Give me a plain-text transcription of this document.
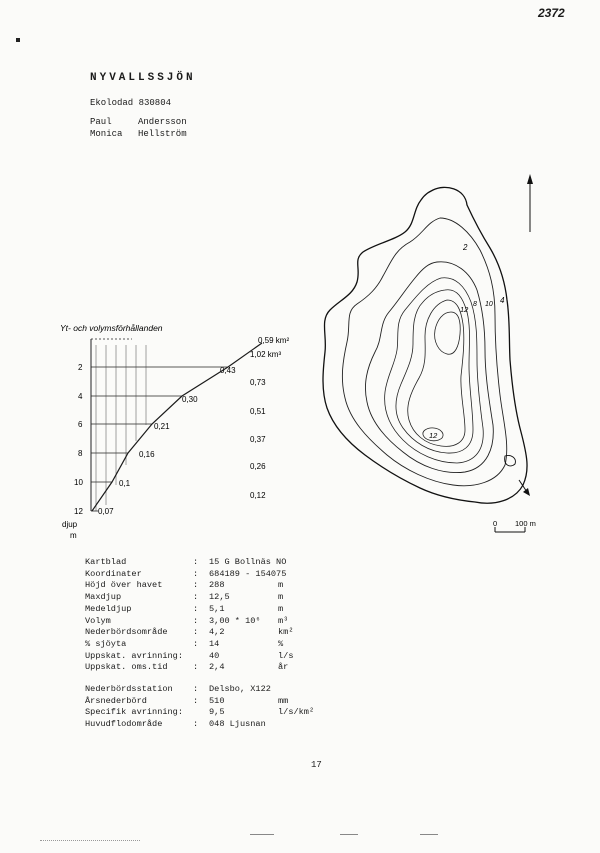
2372
NYVALLSSJÖN
Ekolodad 830804
Paul	Andersson
Monica Hellström
Yt- och volymsförhållanden
2
4
6
8
10
12
djup
m
0,59 km²
0,43
0,30
0,21
0,16
0,1
0,07
1,02 km³
0,73
0,51
0,37
0,26
0,12
2
4
8 10
12
12
0 100 m
Kartblad	: 15 G Bollnäs NO
Koordinater	: 684189 - 154075
Höjd över havet	: 288	m
Maxdjup	: 12,5	m
Medeldjup	: 5,1	m
Volym	: 3,00 * 10⁶ m³
Nederbördsområde	: 4,2	km²
% sjöyta	: 14	%
Uppskat. avrinning:	40	l/s
Uppskat. oms.tid	: 2,4	år
Nederbördsstation : Delsbo, X122
Årsnederbörd	: 510	mm
Specifik avrinning:	9,5	l/s/km²
Huvudflodområde	: 048 Ljusnan
17
